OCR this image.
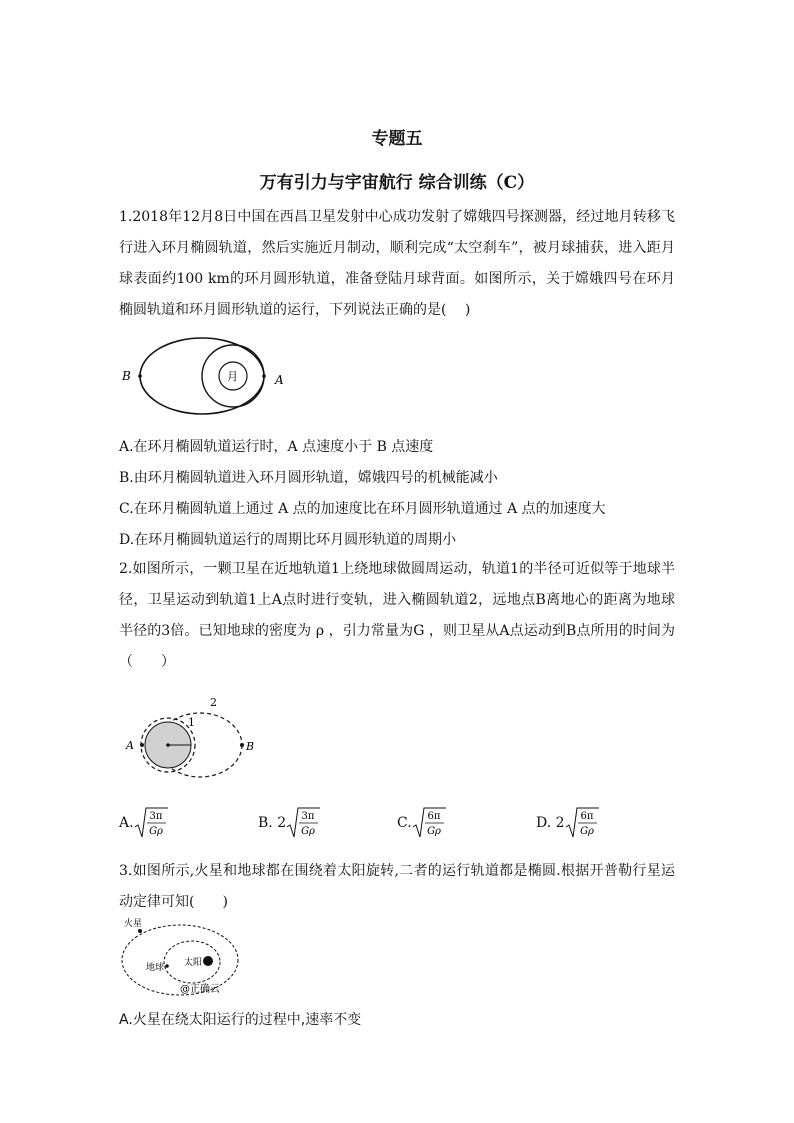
专题五
万有引力与宇宙航行 综合训练（C）

1.2018年12月8日中国在西昌卫星发射中心成功发射了嫦娥四号探测器，经过地月转移飞行进入环月椭圆轨道，然后实施近月制动，顺利完成“太空刹车”，被月球捕获，进入距月球表面约100 km的环月圆形轨道，准备登陆月球背面。如图所示，关于嫦娥四号在环月椭圆轨道和环月圆形轨道的运行，下列说法正确的是(　 )

B	A
月
A.在环月椭圆轨道运行时，A 点速度小于 B 点速度
B.由环月椭圆轨道进入环月圆形轨道，嫦娥四号的机械能减小
C.在环月椭圆轨道上通过 A 点的加速度比在环月圆形轨道通过 A 点的加速度大
D.在环月椭圆轨道运行的周期比环月圆形轨道的周期小

2.如图所示，一颗卫星在近地轨道1上绕地球做圆周运动，轨道1的半径可近似等于地球半径，卫星运动到轨道1上A点时进行变轨，进入椭圆轨道2，远地点B离地心的距离为地球半径的3倍。已知地球的密度为 ρ ，引力常量为G ，则卫星从A点运动到B点所用的时间为（　　）

2
1
A	B
A. 3π
Gρ
B. 2 3π
Gρ
C. 6π
Gρ
D. 2 6π
Gρ

3.如图所示,火星和地球都在围绕着太阳旋转,二者的运行轨道都是椭圆.根据开普勒行星运动定律可知(　　)

火星
地球 太阳
@正确云
A.火星在绕太阳运行的过程中,速率不变
